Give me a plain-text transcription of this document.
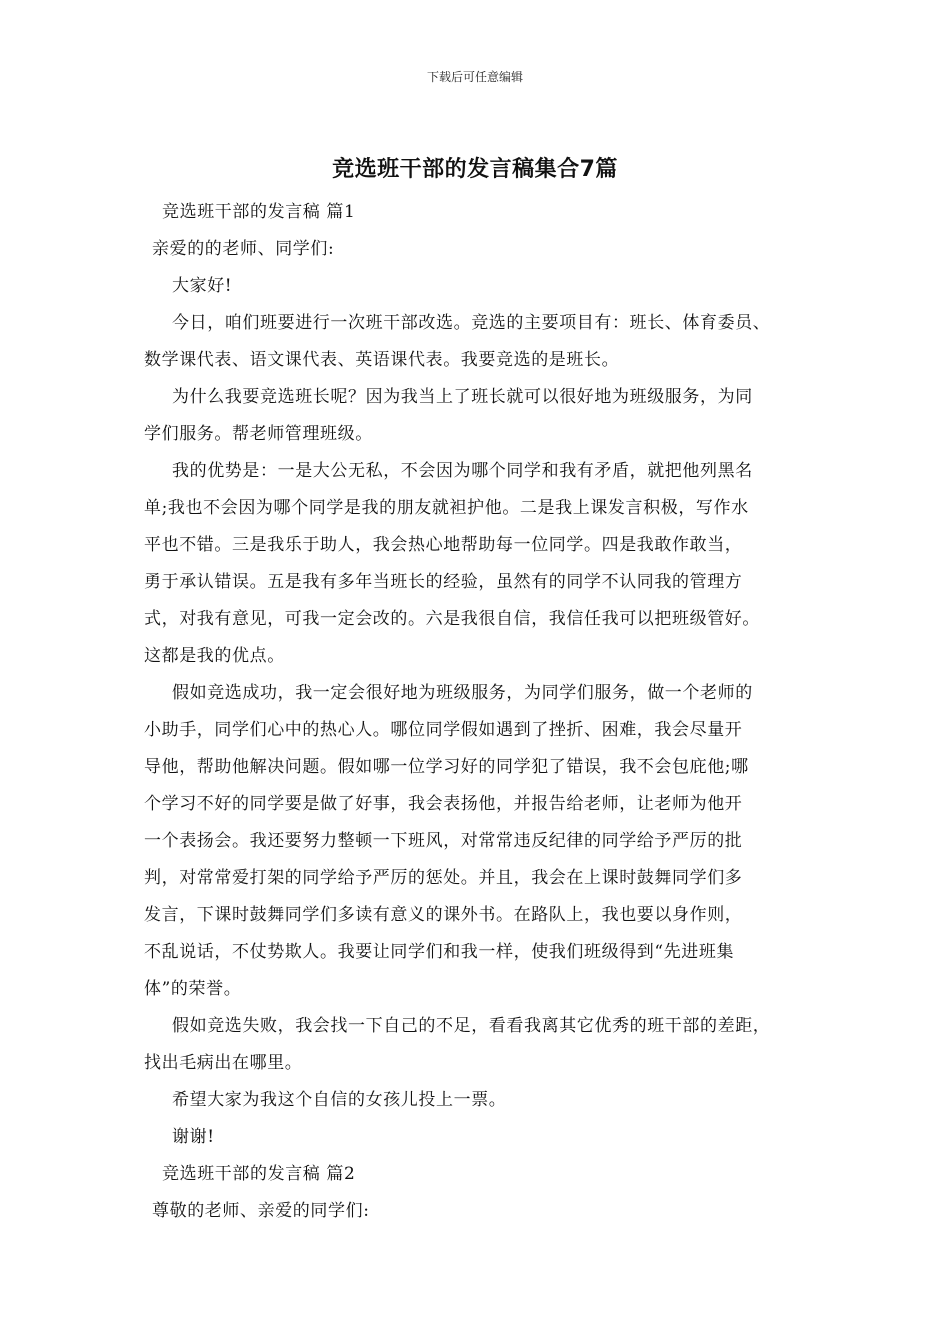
下载后可任意编辑
竞选班干部的发言稿集合7篇
竞选班干部的发言稿 篇1
亲爱的的老师、同学们:
大家好!
今日，咱们班要进行一次班干部改选。竞选的主要项目有：班长、体育委员、
数学课代表、语文课代表、英语课代表。我要竞选的是班长。
为什么我要竞选班长呢？因为我当上了班长就可以很好地为班级服务，为同
学们服务。帮老师管理班级。
我的优势是：一是大公无私，不会因为哪个同学和我有矛盾，就把他列黑名
单;我也不会因为哪个同学是我的朋友就袒护他。二是我上课发言积极，写作水
平也不错。三是我乐于助人，我会热心地帮助每一位同学。四是我敢作敢当，
勇于承认错误。五是我有多年当班长的经验，虽然有的同学不认同我的管理方
式，对我有意见，可我一定会改的。六是我很自信，我信任我可以把班级管好。
这都是我的优点。
假如竞选成功，我一定会很好地为班级服务，为同学们服务，做一个老师的
小助手，同学们心中的热心人。哪位同学假如遇到了挫折、困难，我会尽量开
导他，帮助他解决问题。假如哪一位学习好的同学犯了错误，我不会包庇他;哪
个学习不好的同学要是做了好事，我会表扬他，并报告给老师，让老师为他开
一个表扬会。我还要努力整顿一下班风，对常常违反纪律的同学给予严厉的批
判，对常常爱打架的同学给予严厉的惩处。并且，我会在上课时鼓舞同学们多
发言，下课时鼓舞同学们多读有意义的课外书。在路队上，我也要以身作则，
不乱说话，不仗势欺人。我要让同学们和我一样，使我们班级得到“先进班集
体”的荣誉。
假如竞选失败，我会找一下自己的不足，看看我离其它优秀的班干部的差距，
找出毛病出在哪里。
希望大家为我这个自信的女孩儿投上一票。
谢谢!
竞选班干部的发言稿 篇2
尊敬的老师、亲爱的同学们:
